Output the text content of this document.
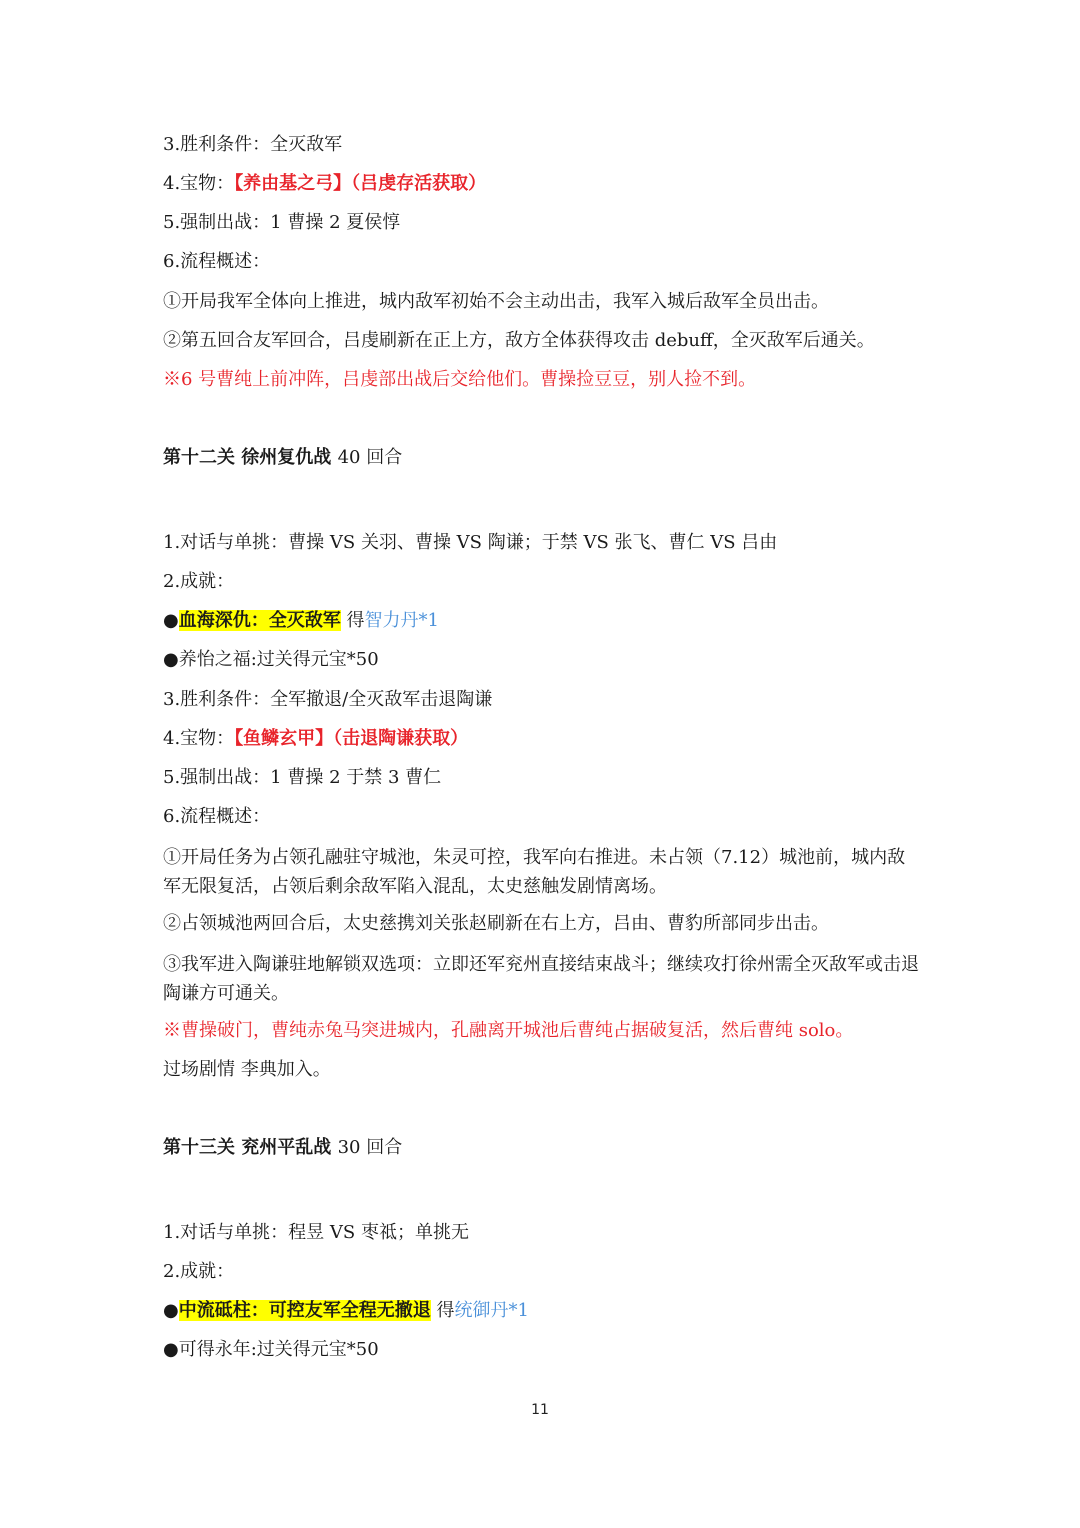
3.胜利条件：全灭敌军
4.宝物：【养由基之弓】（吕虔存活获取）
5.强制出战：1 曹操 2 夏侯惇
6.流程概述：
①开局我军全体向上推进，城内敌军初始不会主动出击，我军入城后敌军全员出击。
②第五回合友军回合，吕虔刷新在正上方，敌方全体获得攻击 debuff，全灭敌军后通关。
※6 号曹纯上前冲阵，吕虔部出战后交给他们。曹操捡豆豆，别人捡不到。
第十二关 徐州复仇战 40 回合
1.对话与单挑：曹操 VS 关羽、曹操 VS 陶谦；于禁 VS 张飞、曹仁 VS 吕由
2.成就：
●血海深仇：全灭敌军 得智力丹*1
●养怡之福:过关得元宝*50
3.胜利条件：全军撤退/全灭敌军击退陶谦
4.宝物：【鱼鳞玄甲】（击退陶谦获取）
5.强制出战：1 曹操 2 于禁 3 曹仁
6.流程概述：
①开局任务为占领孔融驻守城池，朱灵可控，我军向右推进。未占领（7.12）城池前，城内敌军无限复活，占领后剩余敌军陷入混乱，太史慈触发剧情离场。
②占领城池两回合后，太史慈携刘关张赵刷新在右上方，吕由、曹豹所部同步出击。
③我军进入陶谦驻地解锁双选项：立即还军兖州直接结束战斗；继续攻打徐州需全灭敌军或击退陶谦方可通关。
※曹操破门，曹纯赤兔马突进城内，孔融离开城池后曹纯占据破复活，然后曹纯 solo。
过场剧情 李典加入。
第十三关 兖州平乱战 30 回合
1.对话与单挑：程昱 VS 枣祗；单挑无
2.成就：
●中流砥柱：可控友军全程无撤退 得统御丹*1
●可得永年:过关得元宝*50
11
